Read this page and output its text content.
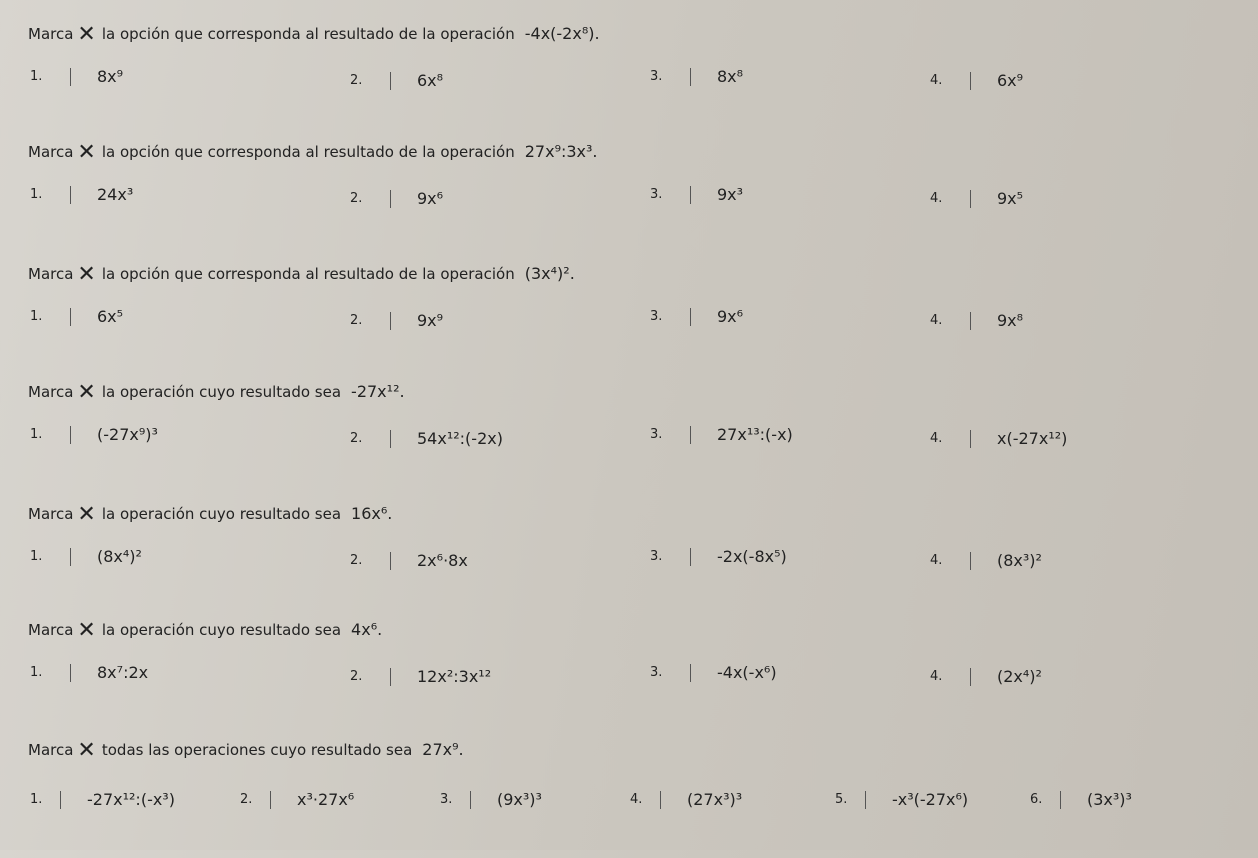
Marca ✕ la opción que corresponda al resultado de la operación -4x(-2x⁸).
1.	8x⁹	2.	6x⁸	3.	8x⁸	4.	6x⁹
Marca ✕ la opción que corresponda al resultado de la operación 27x⁹:3x³.
1.	24x³	2.	9x⁶	3.	9x³	4.	9x⁵
Marca ✕ la opción que corresponda al resultado de la operación (3x⁴)².
1.	6x⁵	2.	9x⁹	3.	9x⁶	4.	9x⁸
Marca ✕ la operación cuyo resultado sea -27x¹².
1.	(-27x⁹)³	2.	54x¹²:(-2x)	3.	27x¹³:(-x)	4.	x(-27x¹²)
Marca ✕ la operación cuyo resultado sea 16x⁶.
1.	(8x⁴)²	2.	2x⁶·8x	3.	-2x(-8x⁵)	4.	(8x³)²
Marca ✕ la operación cuyo resultado sea 4x⁶.
1.	8x⁷:2x	2.	12x²:3x¹²	3.	-4x(-x⁶)	4.	(2x⁴)²
Marca ✕ todas las operaciones cuyo resultado sea 27x⁹.
1.	-27x¹²:(-x³)	2.	x³·27x⁶	3.	(9x³)³	4.	(27x³)³	5.	-x³(-27x⁶)	6.	(3x³)³
